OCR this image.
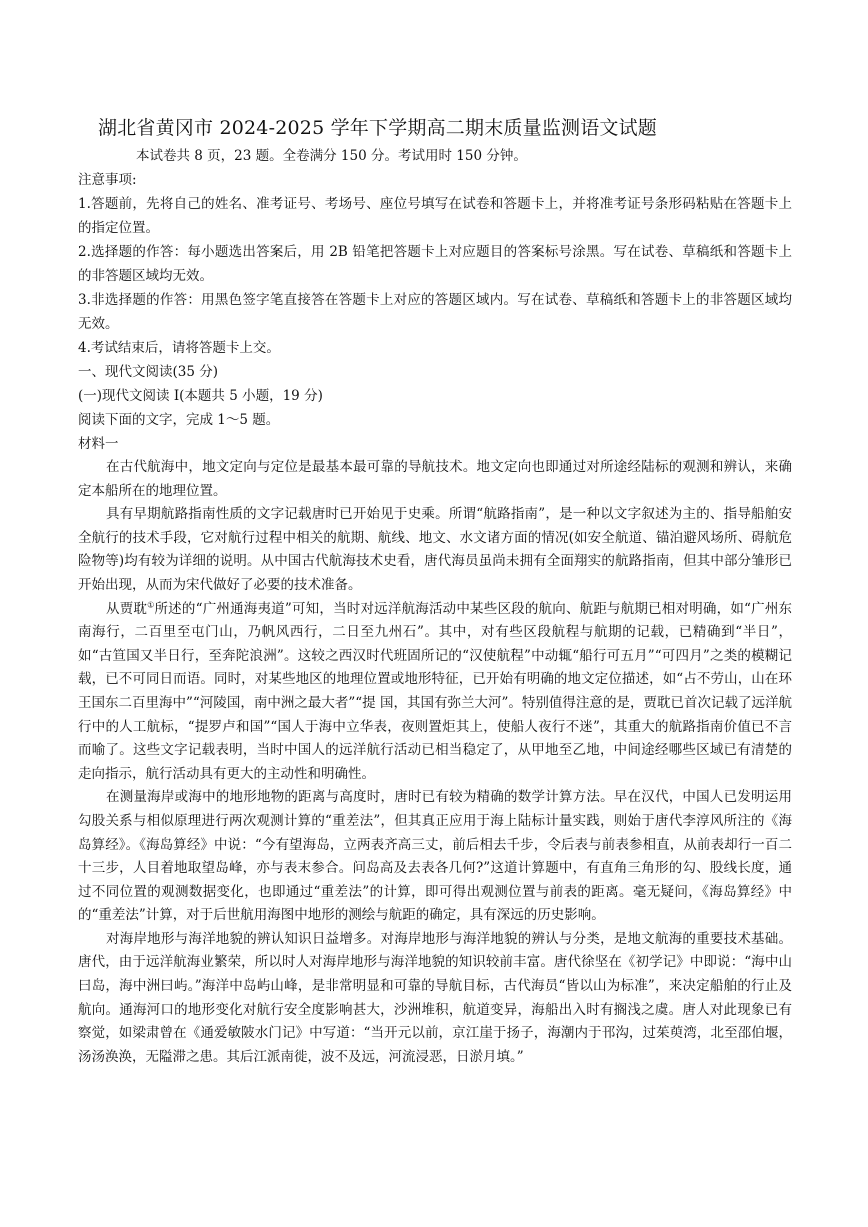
湖北省黄冈市 2024-2025 学年下学期高二期末质量监测语文试题
本试卷共 8 页，23 题。全卷满分 150 分。考试用时 150 分钟。
注意事项:
1.答题前，先将自己的姓名、准考证号、考场号、座位号填写在试卷和答题卡上，并将准考证号条形码粘贴在答题卡上的指定位置。
2.选择题的作答：每小题选出答案后，用 2B 铅笔把答题卡上对应题目的答案标号涂黑。写在试卷、草稿纸和答题卡上的非答题区域均无效。
3.非选择题的作答：用黑色签字笔直接答在答题卡上对应的答题区域内。写在试卷、草稿纸和答题卡上的非答题区域均无效。
4.考试结束后，请将答题卡上交。
一、现代文阅读(35 分)
(一)现代文阅读 I(本题共 5 小题，19 分)
阅读下面的文字，完成 1～5 题。
材料一

在古代航海中，地文定向与定位是最基本最可靠的导航技术。地文定向也即通过对所途经陆标的观测和辨认，来确定本船所在的地理位置。

具有早期航路指南性质的文字记载唐时已开始见于史乘。所谓“航路指南”，是一种以文字叙述为主的、指导船舶安全航行的技术手段，它对航行过程中相关的航期、航线、地文、水文诸方面的情况(如安全航道、锚泊避风场所、碍航危险物等)均有较为详细的说明。从中国古代航海技术史看，唐代海员虽尚未拥有全面翔实的航路指南，但其中部分雏形已开始出现，从而为宋代做好了必要的技术准备。

从贾耽①所述的“广州通海夷道”可知，当时对远洋航海活动中某些区段的航向、航距与航期已相对明确，如“广州东南海行，二百里至屯门山，乃帆风西行，二日至九州石”。其中，对有些区段航程与航期的记载，已精确到“半日”，如“古笪国又半日行，至奔陀浪洲”。这较之西汉时代班固所记的“汉使航程”中动辄“船行可五月”“可四月”之类的模糊记载，已不可同日而语。同时，对某些地区的地理位置或地形特征，已开始有明确的地文定位描述，如“占不劳山，山在环王国东二百里海中”“河陵国，南中洲之最大者”“提 国，其国有弥兰大河”。特别值得注意的是，贾耽已首次记载了远洋航行中的人工航标，“提罗卢和国”“国人于海中立华表，夜则置炬其上，使船人夜行不迷”，其重大的航路指南价值已不言而喻了。这些文字记载表明，当时中国人的远洋航行活动已相当稳定了，从甲地至乙地，中间途经哪些区域已有清楚的走向指示，航行活动具有更大的主动性和明确性。

在测量海岸或海中的地形地物的距离与高度时，唐时已有较为精确的数学计算方法。早在汉代，中国人已发明运用勾股关系与相似原理进行两次观测计算的“重差法”，但其真正应用于海上陆标计量实践，则始于唐代李淳风所注的《海岛算经》。《海岛算经》中说：“今有望海岛，立两表齐高三丈，前后相去千步，令后表与前表参相直，从前表却行一百二十三步，人目着地取望岛峰，亦与表末参合。问岛高及去表各几何?”这道计算题中，有直角三角形的勾、股线长度，通过不同位置的观测数据变化，也即通过“重差法”的计算，即可得出观测位置与前表的距离。毫无疑问，《海岛算经》中的“重差法”计算，对于后世航用海图中地形的测绘与航距的确定，具有深远的历史影响。

对海岸地形与海洋地貌的辨认知识日益增多。对海岸地形与海洋地貌的辨认与分类，是地文航海的重要技术基础。唐代，由于远洋航海业繁荣，所以时人对海岸地形与海洋地貌的知识较前丰富。唐代徐坚在《初学记》中即说：“海中山曰岛，海中洲曰屿。”海洋中岛屿山峰，是非常明显和可靠的导航目标，古代海员“皆以山为标准”，来决定船舶的行止及航向。通海河口的地形变化对航行安全度影响甚大，沙洲堆积，航道变异，海船出入时有搁浅之虞。唐人对此现象已有察觉，如梁肃曾在《通爱敏陂水门记》中写道：“当开元以前，京江崖于扬子，海潮内于邗沟，过茱萸湾，北至邵伯堰，汤汤涣涣，无隘滞之患。其后江派南徙，波不及远，河流浸恶，日淤月填。”
